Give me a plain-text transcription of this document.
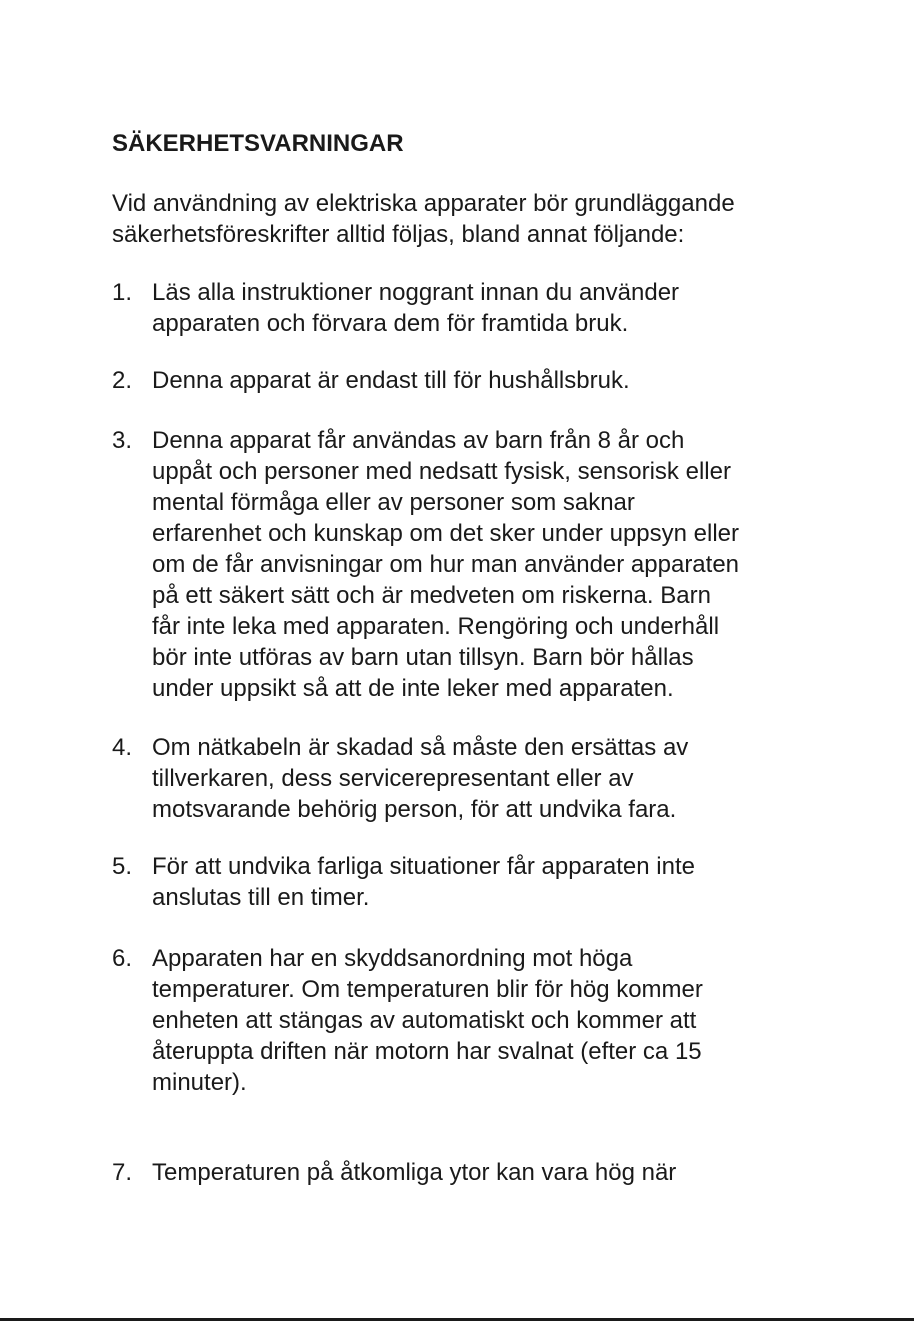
SÄKERHETSVARNINGAR

Vid användning av elektriska apparater bör grundläggande säkerhetsföreskrifter alltid följas, bland annat följande:

1. Läs alla instruktioner noggrant innan du använder
apparaten och förvara dem för framtida bruk.
2. Denna apparat är endast till för hushållsbruk.
3. Denna apparat får användas av barn från 8 år och
uppåt och personer med nedsatt fysisk, sensorisk eller
mental förmåga eller av personer som saknar
erfarenhet och kunskap om det sker under uppsyn eller
om de får anvisningar om hur man använder apparaten
på ett säkert sätt och är medveten om riskerna. Barn
får inte leka med apparaten. Rengöring och underhåll
bör inte utföras av barn utan tillsyn. Barn bör hållas
under uppsikt så att de inte leker med apparaten.
4. Om nätkabeln är skadad så måste den ersättas av
tillverkaren, dess servicerepresentant eller av
motsvarande behörig person, för att undvika fara.
5. För att undvika farliga situationer får apparaten inte
anslutas till en timer.
6. Apparaten har en skyddsanordning mot höga
temperaturer. Om temperaturen blir för hög kommer
enheten att stängas av automatiskt och kommer att
återuppta driften när motorn har svalnat (efter ca 15
minuter).
7. Temperaturen på åtkomliga ytor kan vara hög när
